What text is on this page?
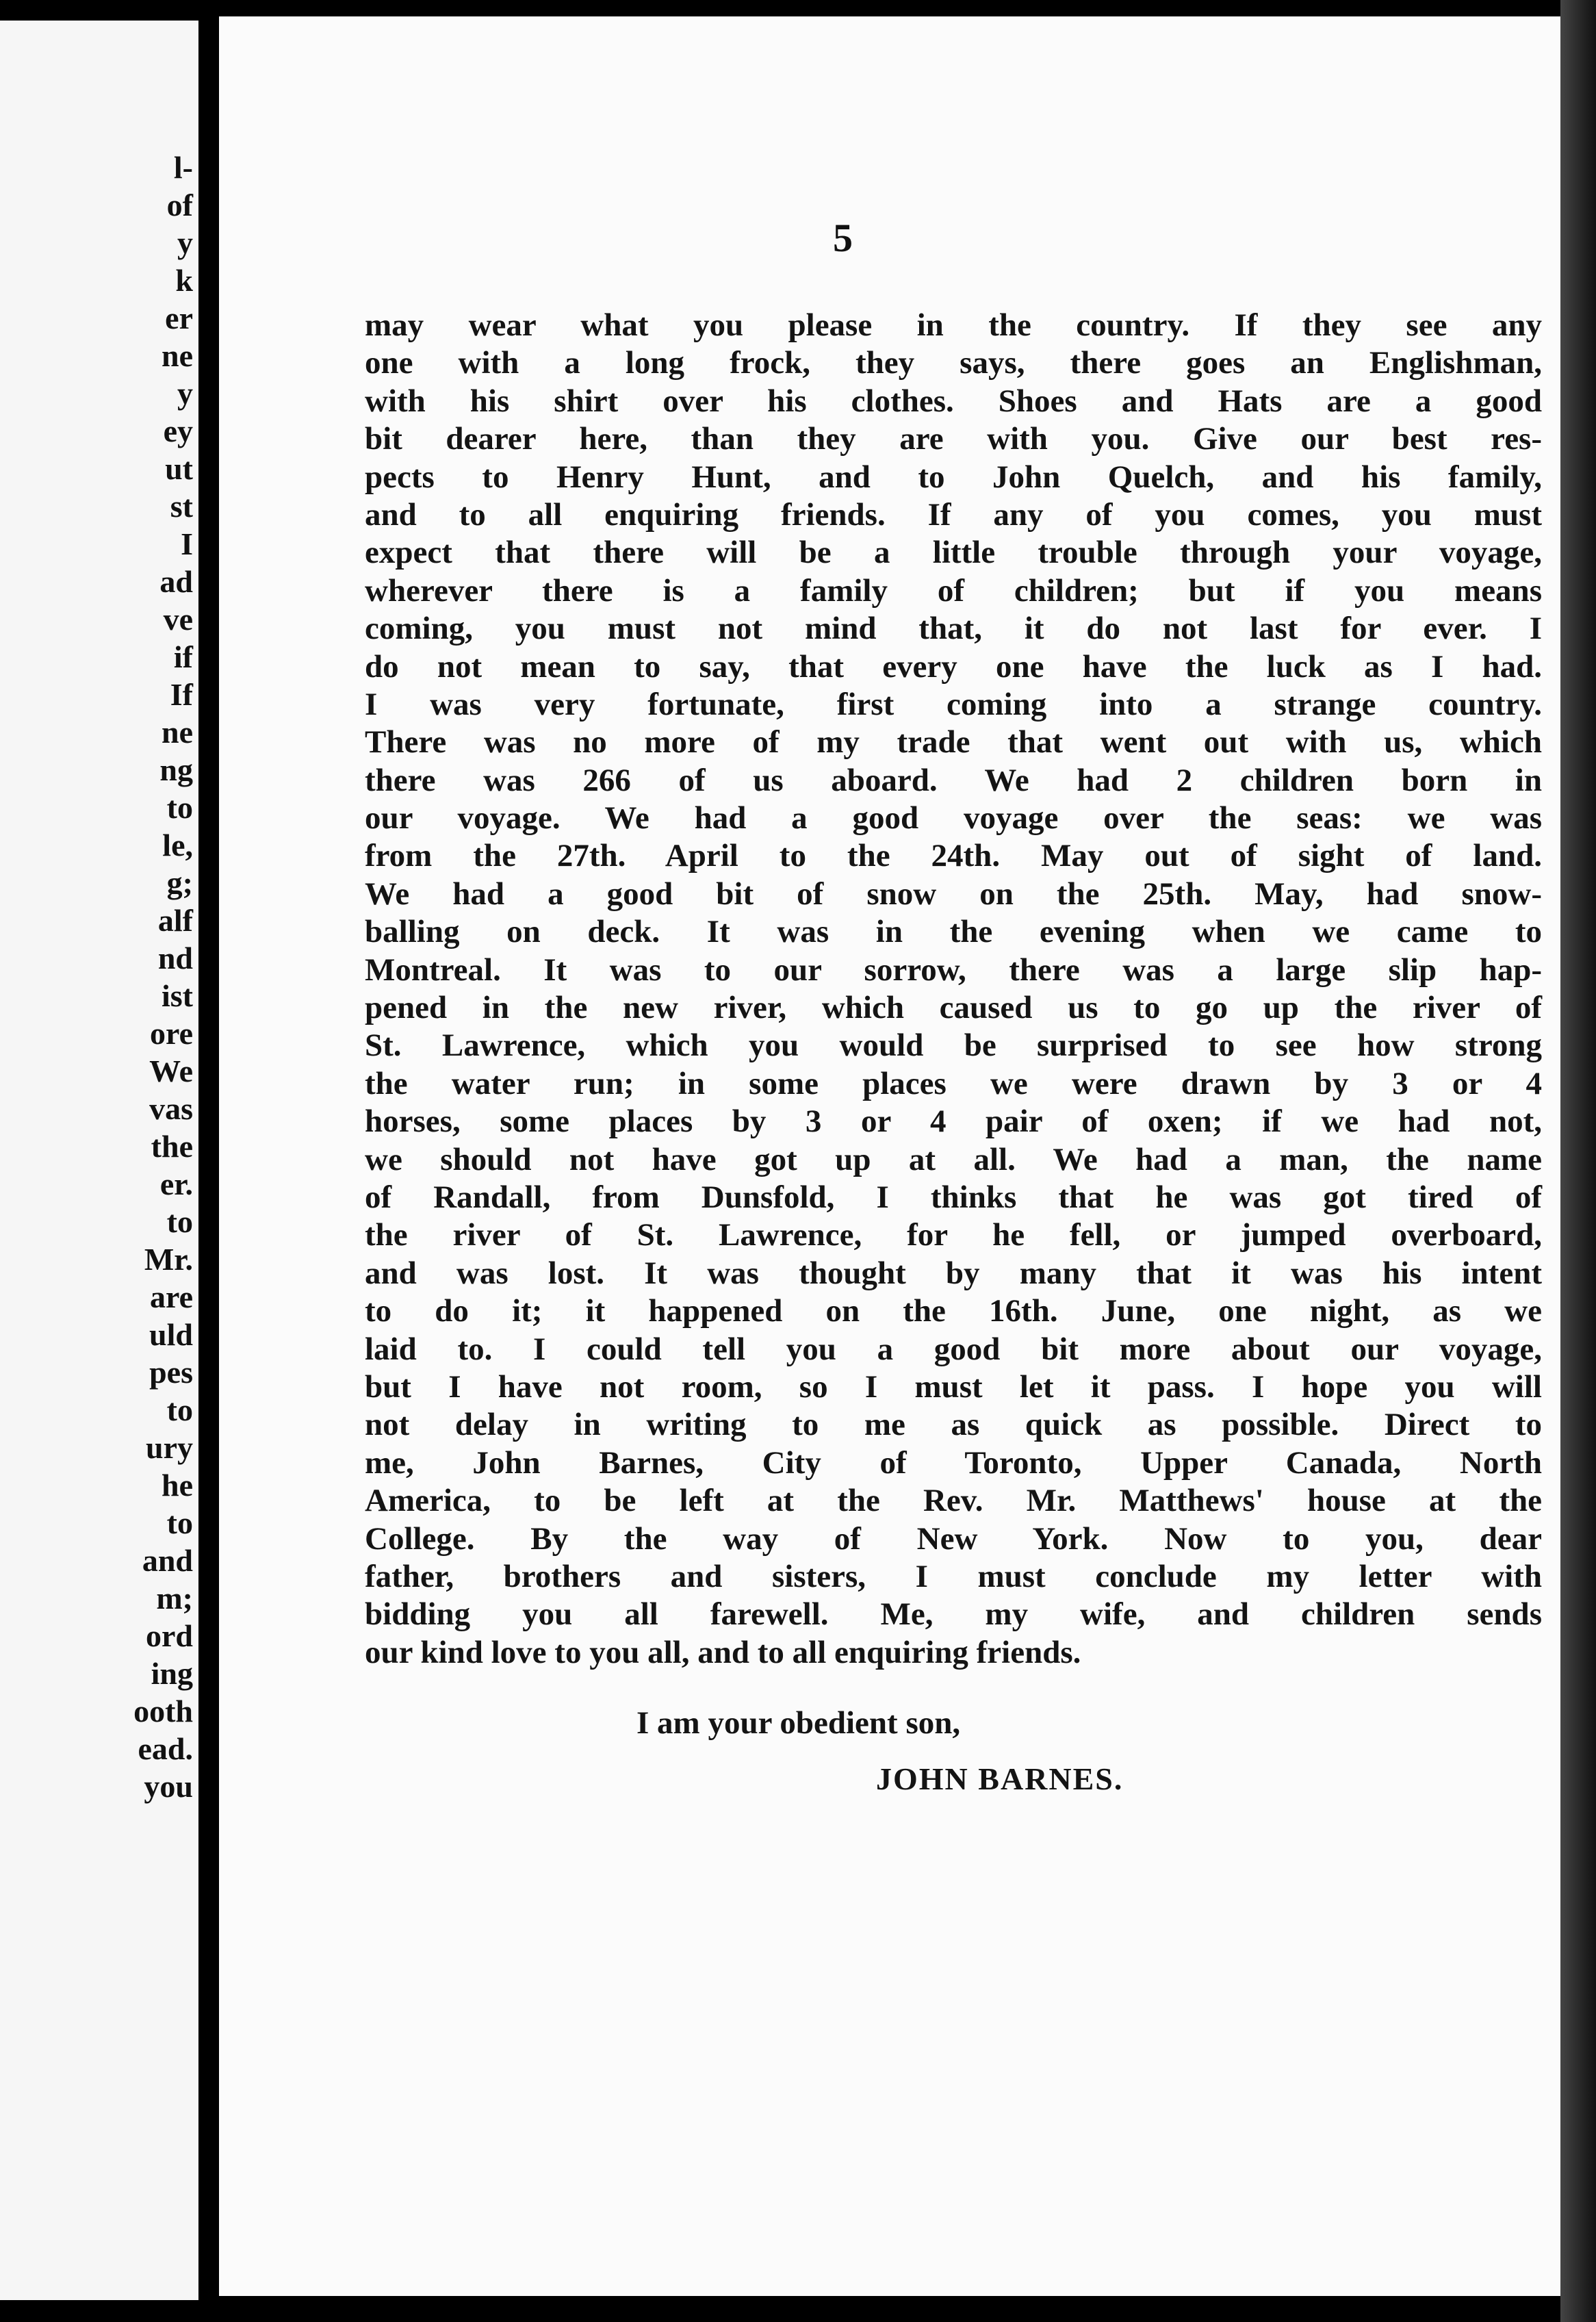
l-
of
y
k
er
ne
y
ey
ut
st
I
ad
ve
if
If
ne
ng
to
le,
g;
alf
nd
ist
ore
We
vas
the
er.
to
Mr.
are
uld
pes
to
ury
he
to
and
m;
ord
ing
ooth
ead.
you

5

may wear what you please in the country. If they see any
one with a long frock, they says, there goes an Englishman,
with his shirt over his clothes. Shoes and Hats are a good
bit dearer here, than they are with you. Give our best res-
pects to Henry Hunt, and to John Quelch, and his family,
and to all enquiring friends. If any of you comes, you must
expect that there will be a little trouble through your voyage,
wherever there is a family of children; but if you means
coming, you must not mind that, it do not last for ever. I
do not mean to say, that every one have the luck as I had.
I was very fortunate, first coming into a strange country.
There was no more of my trade that went out with us, which
there was 266 of us aboard. We had 2 children born in
our voyage. We had a good voyage over the seas: we was
from the 27th. April to the 24th. May out of sight of land.
We had a good bit of snow on the 25th. May, had snow-
balling on deck. It was in the evening when we came to
Montreal. It was to our sorrow, there was a large slip hap-
pened in the new river, which caused us to go up the river of
St. Lawrence, which you would be surprised to see how strong
the water run; in some places we were drawn by 3 or 4
horses, some places by 3 or 4 pair of oxen; if we had not,
we should not have got up at all. We had a man, the name
of Randall, from Dunsfold, I thinks that he was got tired of
the river of St. Lawrence, for he fell, or jumped overboard,
and was lost. It was thought by many that it was his intent
to do it; it happened on the 16th. June, one night, as we
laid to. I could tell you a good bit more about our voyage,
but I have not room, so I must let it pass. I hope you will
not delay in writing to me as quick as possible. Direct to
me, John Barnes, City of Toronto, Upper Canada, North
America, to be left at the Rev. Mr. Matthews' house at the
College. By the way of New York. Now to you, dear
father, brothers and sisters, I must conclude my letter with
bidding you all farewell. Me, my wife, and children sends
our kind love to you all, and to all enquiring friends.

I am your obedient son,

JOHN BARNES.
